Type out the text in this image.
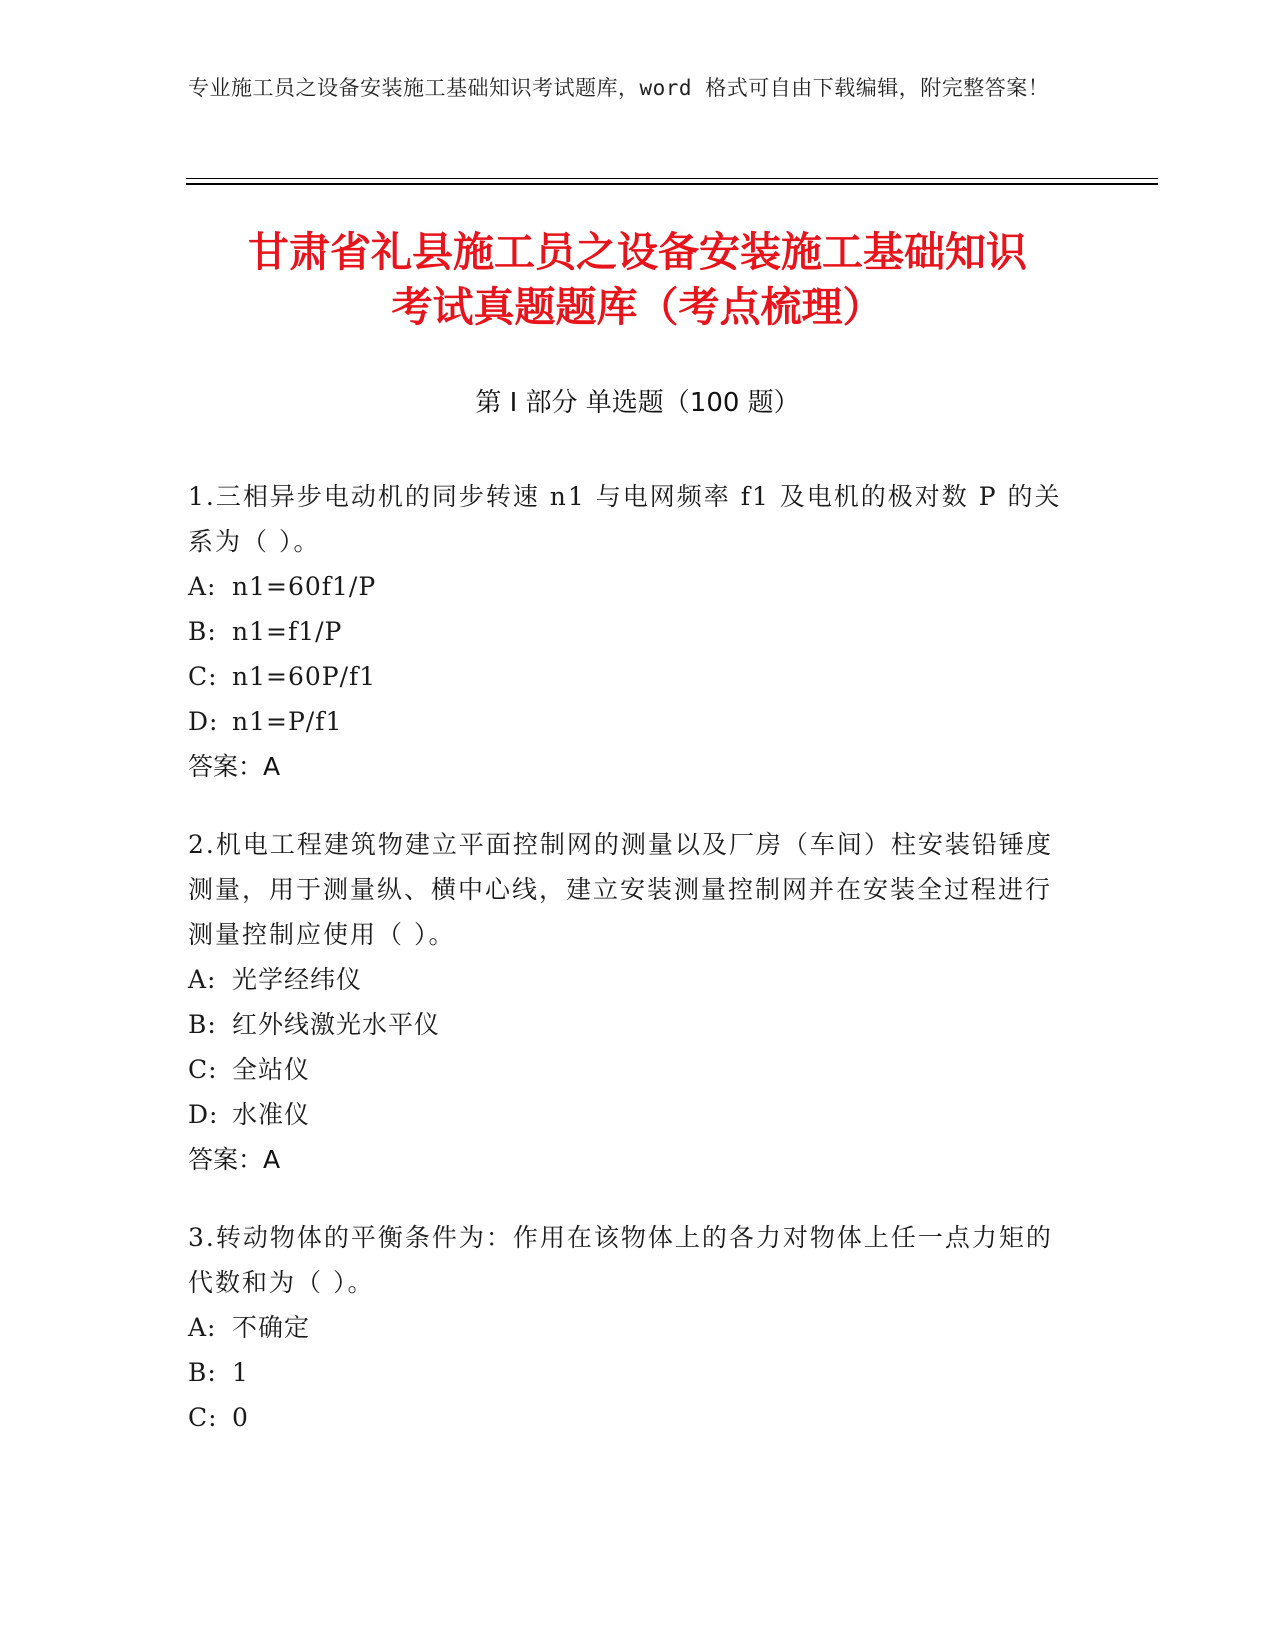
专业施工员之设备安装施工基础知识考试题库，word 格式可自由下载编辑，附完整答案！
甘肃省礼县施工员之设备安装施工基础知识
考试真题题库（考点梳理）
第 I 部分 单选题（100 题）
1.三相异步电动机的同步转速 n1 与电网频率 f1 及电机的极对数 P 的关系为（ ）。
A: n1=60f1/P
B: n1=f1/P
C: n1=60P/f1
D: n1=P/f1
答案：A
2.机电工程建筑物建立平面控制网的测量以及厂房（车间）柱安装铅锤度测量，用于测量纵、横中心线，建立安装测量控制网并在安装全过程进行测量控制应使用（ ）。
A: 光学经纬仪
B: 红外线激光水平仪
C: 全站仪
D: 水准仪
答案：A
3.转动物体的平衡条件为：作用在该物体上的各力对物体上任一点力矩的代数和为（ ）。
A: 不确定
B: 1
C: 0
